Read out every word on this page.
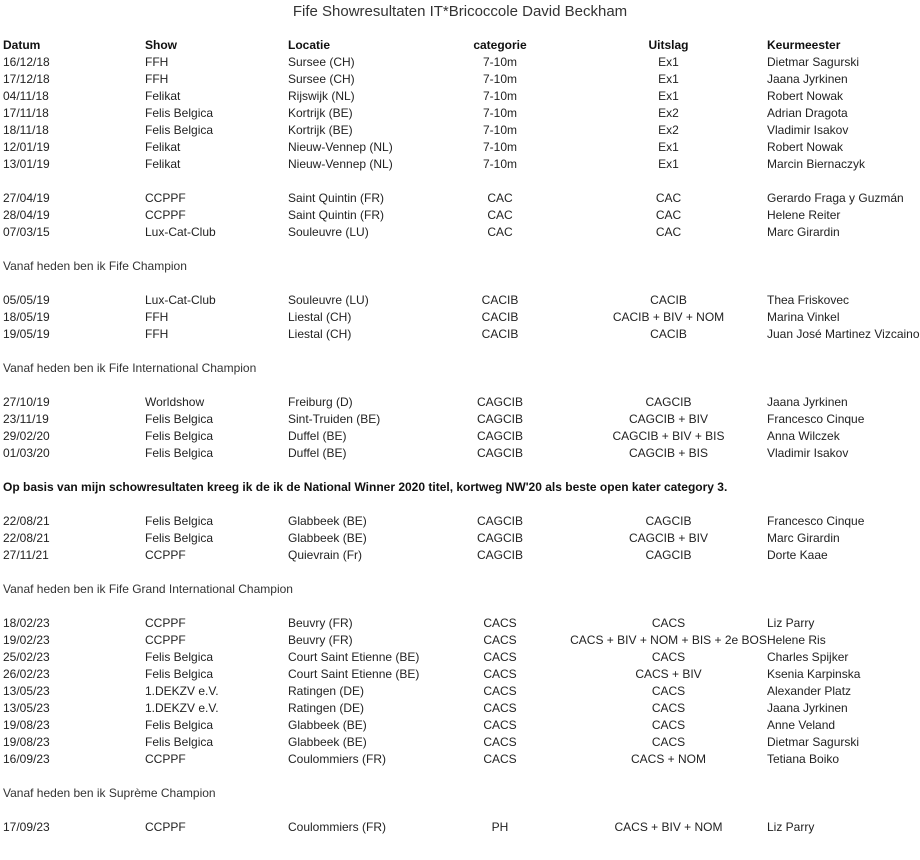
Fife Showresultaten IT*Bricoccole David Beckham
Datum	Show	Locatie	categorie	Uitslag	Keurmeester
16/12/18	FFH	Sursee (CH)	7-10m	Ex1	Dietmar Sagurski
17/12/18	FFH	Sursee (CH)	7-10m	Ex1	Jaana Jyrkinen
04/11/18	Felikat	Rijswijk (NL)	7-10m	Ex1	Robert Nowak
17/11/18	Felis Belgica	Kortrijk (BE)	7-10m	Ex2	Adrian Dragota
18/11/18	Felis Belgica	Kortrijk (BE)	7-10m	Ex2	Vladimir Isakov
12/01/19	Felikat	Nieuw-Vennep (NL)	7-10m	Ex1	Robert Nowak
13/01/19	Felikat	Nieuw-Vennep (NL)	7-10m	Ex1	Marcin Biernaczyk

27/04/19	CCPPF	Saint Quintin (FR)	CAC	CAC	Gerardo Fraga y Guzmán
28/04/19	CCPPF	Saint Quintin (FR)	CAC	CAC	Helene Reiter
07/03/15	Lux-Cat-Club	Souleuvre (LU)	CAC	CAC	Marc Girardin

Vanaf heden ben ik Fife Champion					

05/05/19	Lux-Cat-Club	Souleuvre (LU)	CACIB	CACIB	Thea Friskovec
18/05/19	FFH	Liestal (CH)	CACIB	CACIB + BIV + NOM	Marina Vinkel
19/05/19	FFH	Liestal (CH)	CACIB	CACIB	Juan José Martinez Vizcaino

Vanaf heden ben ik Fife International Champion					

27/10/19	Worldshow	Freiburg (D)	CAGCIB	CAGCIB	Jaana Jyrkinen
23/11/19	Felis Belgica	Sint-Truiden (BE)	CAGCIB	CAGCIB + BIV	Francesco Cinque
29/02/20	Felis Belgica	Duffel (BE)	CAGCIB	CAGCIB + BIV + BIS	Anna Wilczek
01/03/20	Felis Belgica	Duffel (BE)	CAGCIB	CAGCIB + BIS	Vladimir Isakov

Op basis van mijn schowresultaten kreeg ik de ik de National Winner 2020 titel, kortweg NW'20 als beste open kater category 3.					

22/08/21	Felis Belgica	Glabbeek (BE)	CAGCIB	CAGCIB	Francesco Cinque
22/08/21	Felis Belgica	Glabbeek (BE)	CAGCIB	CAGCIB + BIV	Marc Girardin
27/11/21	CCPPF	Quievrain (Fr)	CAGCIB	CAGCIB	Dorte Kaae

Vanaf heden ben ik Fife Grand International Champion					

18/02/23	CCPPF	Beuvry (FR)	CACS	CACS	Liz Parry
19/02/23	CCPPF	Beuvry (FR)	CACS	CACS + BIV + NOM + BIS + 2e BOS	Helene Ris
25/02/23	Felis Belgica	Court Saint Etienne (BE)	CACS	CACS	Charles Spijker
26/02/23	Felis Belgica	Court Saint Etienne (BE)	CACS	CACS + BIV	Ksenia Karpinska
13/05/23	1.DEKZV e.V.	Ratingen (DE)	CACS	CACS	Alexander Platz
13/05/23	1.DEKZV e.V.	Ratingen (DE)	CACS	CACS	Jaana Jyrkinen
19/08/23	Felis Belgica	Glabbeek (BE)	CACS	CACS	Anne Veland
19/08/23	Felis Belgica	Glabbeek (BE)	CACS	CACS	Dietmar Sagurski
16/09/23	CCPPF	Coulommiers (FR)	CACS	CACS + NOM	Tetiana Boiko

Vanaf heden ben ik Suprème Champion					

17/09/23	CCPPF	Coulommiers (FR)	PH	CACS + BIV + NOM	Liz Parry
